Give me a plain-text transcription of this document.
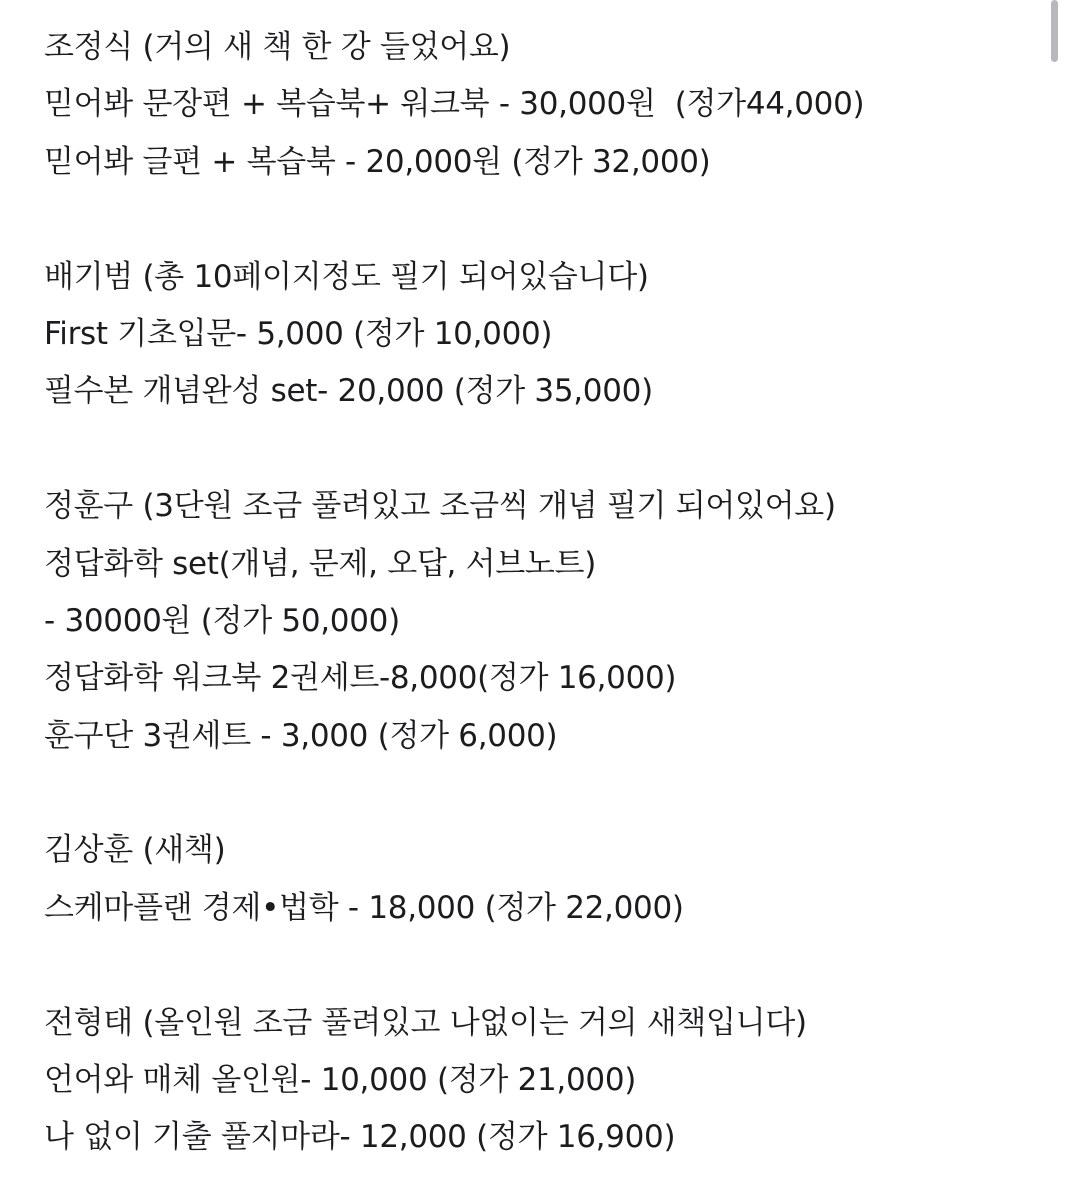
조정식 (거의 새 책 한 강 들었어요)
믿어봐 문장편 + 복습북+ 워크북 - 30,000원  (정가44,000)
믿어봐 글편 + 복습북 - 20,000원 (정가 32,000)
배기범 (총 10페이지정도 필기 되어있습니다)
First 기초입문- 5,000 (정가 10,000)
필수본 개념완성 set- 20,000 (정가 35,000)
정훈구 (3단원 조금 풀려있고 조금씩 개념 필기 되어있어요)
정답화학 set(개념, 문제, 오답, 서브노트)
- 30000원 (정가 50,000)
정답화학 워크북 2권세트-8,000(정가 16,000)
훈구단 3권세트 - 3,000 (정가 6,000)
김상훈 (새책)
스케마플랜 경제•법학 - 18,000 (정가 22,000)
전형태 (올인원 조금 풀려있고 나없이는 거의 새책입니다)
언어와 매체 올인원- 10,000 (정가 21,000)
나 없이 기출 풀지마라- 12,000 (정가 16,900)
